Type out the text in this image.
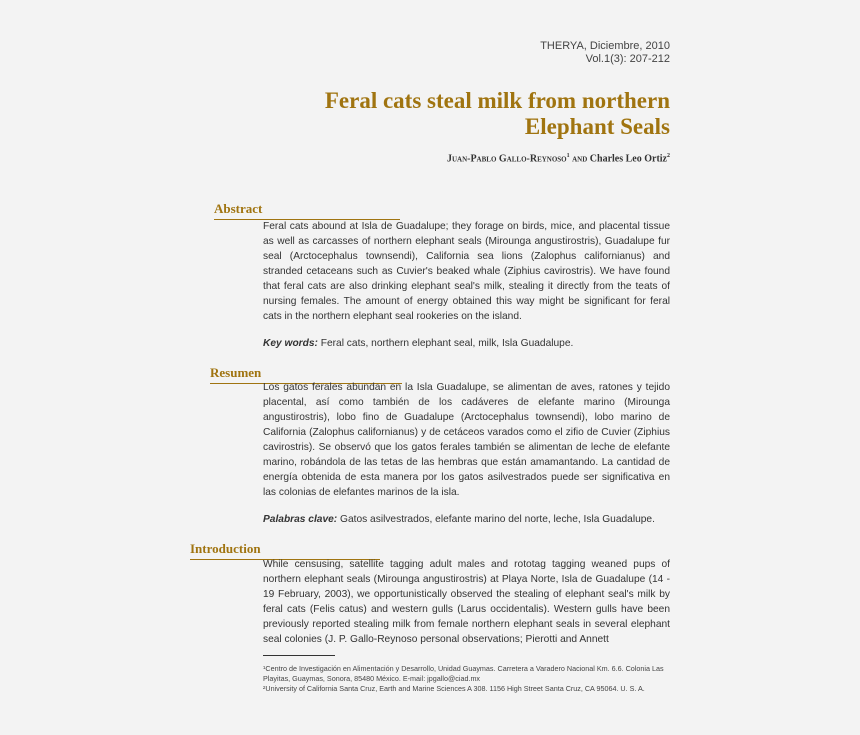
THERYA, Diciembre, 2010
Vol.1(3): 207-212
Feral cats steal milk from northern
Elephant Seals
Juan-Pablo Gallo-Reynoso$^1$ and Charles Leo Ortiz$^2$
Abstract

Feral cats abound at Isla de Guadalupe; they forage on birds, mice, and placental tissue as well as carcasses of northern elephant seals (Mirounga angustirostris), Guadalupe fur seal (Arctocephalus townsendi), California sea lions (Zalophus californianus) and stranded cetaceans such as Cuvier's beaked whale (Ziphius cavirostris). We have found that feral cats are also drinking elephant seal's milk, stealing it directly from the teats of nursing females. The amount of energy obtained this way might be significant for feral cats in the northern elephant seal rookeries on the island.

Key words: Feral cats, northern elephant seal, milk, Isla Guadalupe.
Resumen

Los gatos ferales abundan en la Isla Guadalupe, se alimentan de aves, ratones y tejido placental, así como también de los cadáveres de elefante marino (Mirounga angustirostris), lobo fino de Guadalupe (Arctocephalus townsendi), lobo marino de California (Zalophus californianus) y de cetáceos varados como el zifio de Cuvier (Ziphius cavirostris). Se observó que los gatos ferales también se alimentan de leche de elefante marino, robándola de las tetas de las hembras que están amamantando. La cantidad de energía obtenida de esta manera por los gatos asilvestrados puede ser significativa en las colonias de elefantes marinos de la isla.

Palabras clave: Gatos asilvestrados, elefante marino del norte, leche, Isla Guadalupe.
Introduction

While censusing, satellite tagging adult males and rototag tagging weaned pups of northern elephant seals (Mirounga angustirostris) at Playa Norte, Isla de Guadalupe (14 - 19 February, 2003), we opportunistically observed the stealing of elephant seal's milk by feral cats (Felis catus) and western gulls (Larus occidentalis). Western gulls have been previously reported stealing milk from female northern elephant seals in several elephant seal colonies (J. P. Gallo-Reynoso personal observations; Pierotti and Annett

¹Centro de Investigación en Alimentación y Desarrollo, Unidad Guaymas. Carretera a Varadero Nacional Km. 6.6. Colonia Las Playitas, Guaymas, Sonora, 85480 México. E-mail: jpgallo@ciad.mx

²University of California Santa Cruz, Earth and Marine Sciences A 308. 1156 High Street Santa Cruz, CA 95064. U. S. A.
